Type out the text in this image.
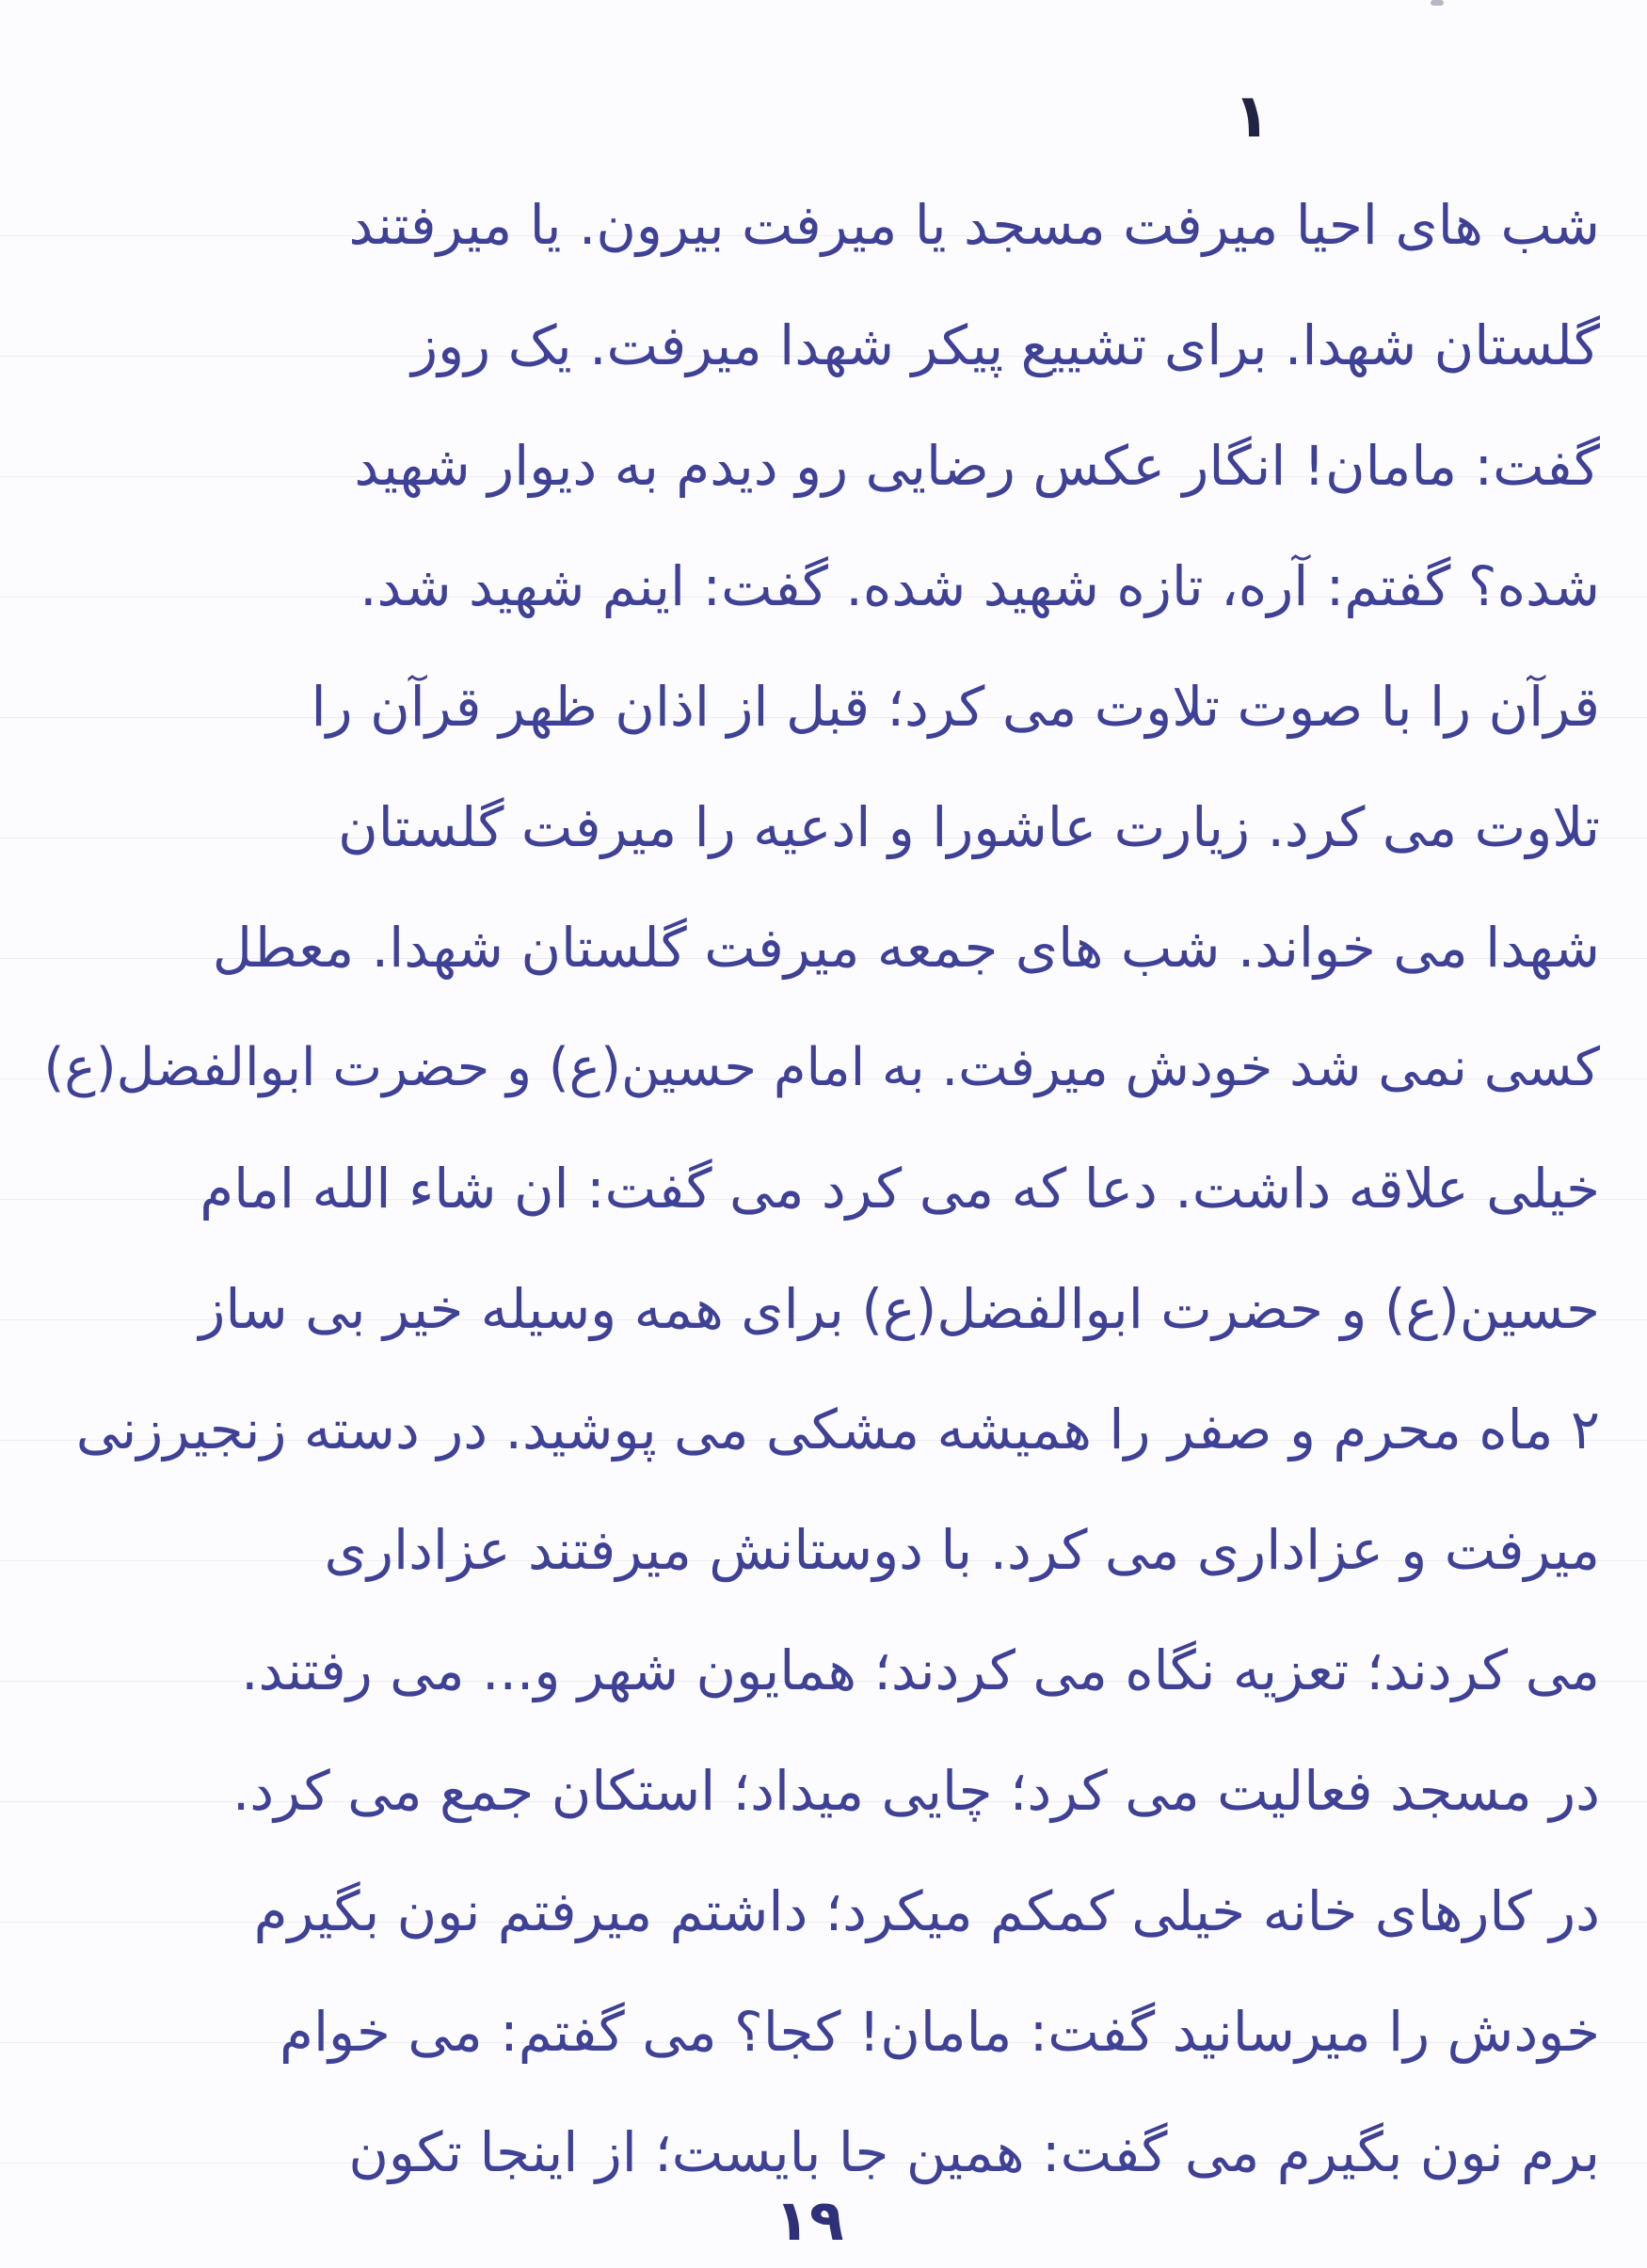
۱
شب های احیا میرفت مسجد یا میرفت بیرون. یا میرفتند
گلستان شهدا. برای تشییع پیکر شهدا میرفت. یک روز
گفت: مامان! انگار عکس رضایی رو دیدم به دیوار شهید
شده؟ گفتم: آره، تازه شهید شده. گفت: اینم شهید شد.
قرآن را با صوت تلاوت می کرد؛ قبل از اذان ظهر قرآن را
تلاوت می کرد. زیارت عاشورا و ادعیه را میرفت گلستان
شهدا می خواند. شب های جمعه میرفت گلستان شهدا. معطل
کسی نمی شد خودش میرفت. به امام حسین(ع) و حضرت ابوالفضل(ع)
خیلی علاقه داشت. دعا که می کرد می گفت: ان شاء الله امام
حسین(ع) و حضرت ابوالفضل(ع) برای همه وسیله خیر بی ساز
۲ ماه محرم و صفر را همیشه مشکی می پوشید. در دسته زنجیرزنی
میرفت و عزاداری می کرد. با دوستانش میرفتند عزاداری
می کردند؛ تعزیه نگاه می کردند؛ همایون شهر و... می رفتند.
در مسجد فعالیت می کرد؛ چایی میداد؛ استکان جمع می کرد.
در کارهای خانه خیلی کمکم میکرد؛ داشتم میرفتم نون بگیرم
خودش را میرسانید گفت: مامان! کجا؟ می گفتم: می خوام
برم نون بگیرم می گفت: همین جا بایست؛ از اینجا تکون
۱۹
